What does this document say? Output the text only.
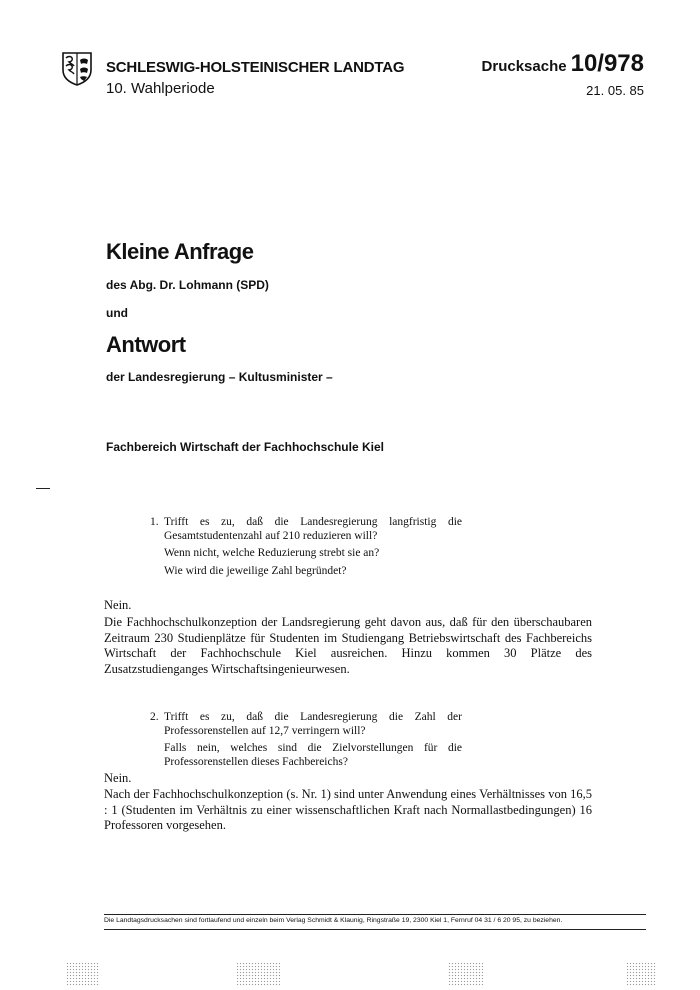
SCHLESWIG-HOLSTEINISCHER LANDTAG
10. Wahlperiode
Drucksache 10/978
21. 05. 85
Kleine Anfrage
des Abg. Dr. Lohmann (SPD)
und
Antwort
der Landesregierung – Kultusminister –
Fachbereich Wirtschaft der Fachhochschule Kiel
1. Trifft es zu, daß die Landesregierung langfristig die Gesamtstudentenzahl auf 210 reduzieren will?

Wenn nicht, welche Reduzierung strebt sie an?

Wie wird die jeweilige Zahl begründet?

Nein.
Die Fachhochschulkonzeption der Landsregierung geht davon aus, daß für den überschaubaren Zeitraum 230 Studienplätze für Studenten im Studiengang Betriebswirtschaft des Fachbereichs Wirtschaft der Fachhochschule Kiel ausreichen. Hinzu kommen 30 Plätze des Zusatzstudienganges Wirtschaftsingenieurwesen.
2. Trifft es zu, daß die Landesregierung die Zahl der Professorenstellen auf 12,7 verringern will?

Falls nein, welches sind die Zielvorstellungen für die Professorenstellen dieses Fachbereichs?

Nein.
Nach der Fachhochschulkonzeption (s. Nr. 1) sind unter Anwendung eines Verhältnisses von 16,5 : 1 (Studenten im Verhältnis zu einer wissenschaftlichen Kraft nach Normallastbedingungen) 16 Professoren vorgesehen.
Die Landtagsdrucksachen sind fortlaufend und einzeln beim Verlag Schmidt & Klaunig, Ringstraße 19, 2300 Kiel 1, Fernruf 04 31 / 6 20 95, zu beziehen.
